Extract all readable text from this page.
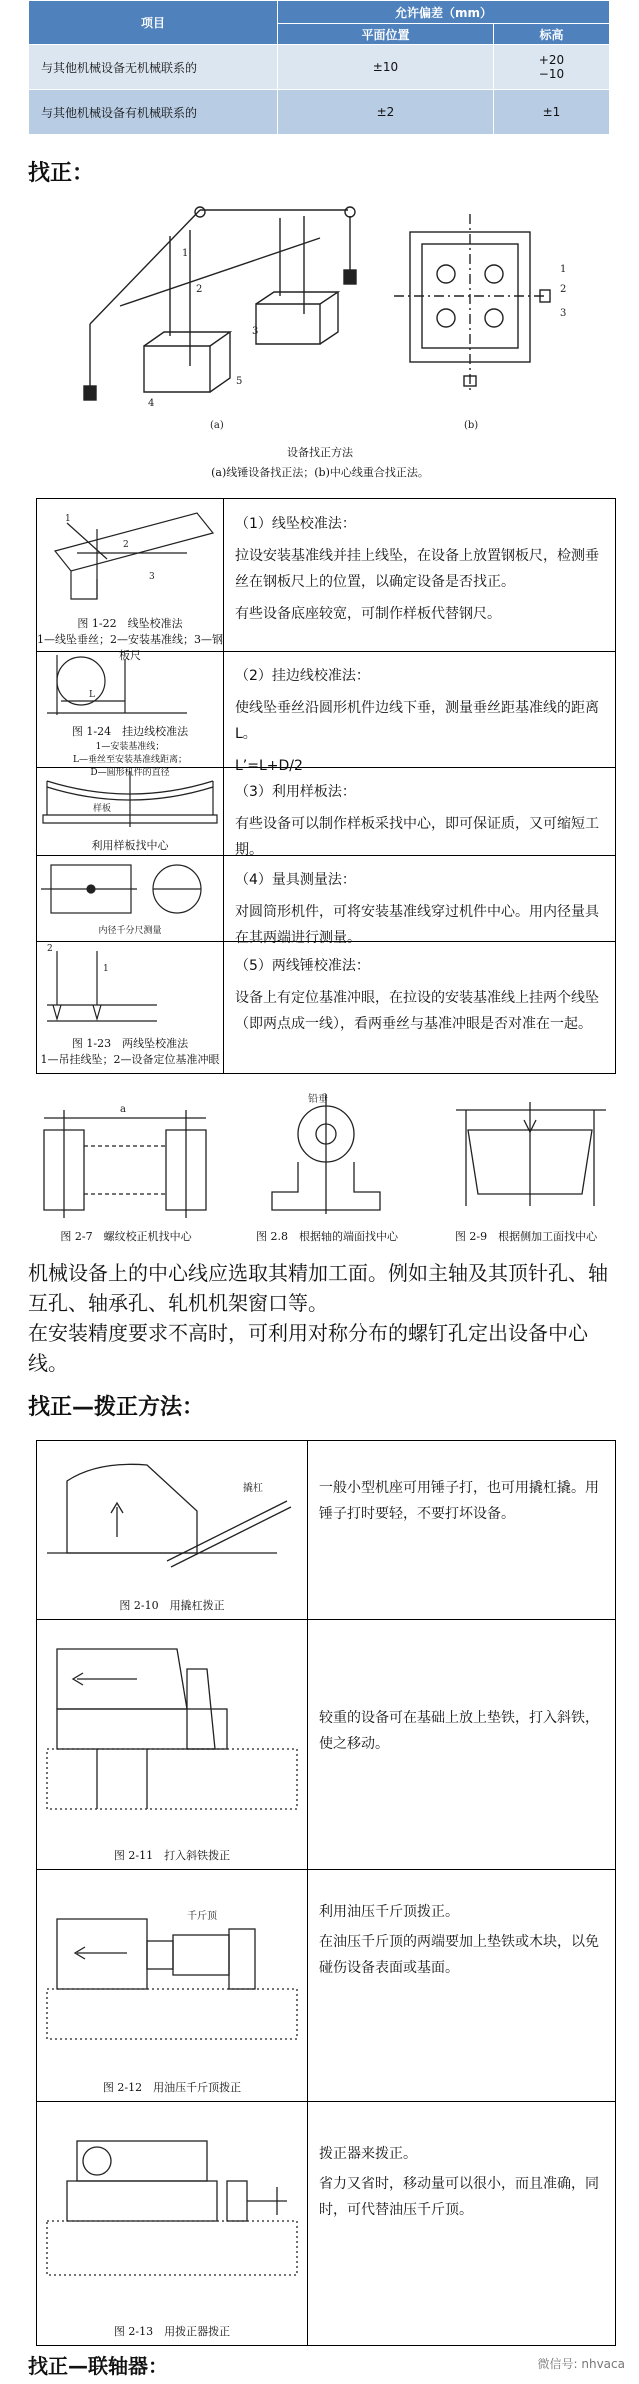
项目	允许偏差（mm）	
	平面位置	标高
与其他机械设备无机械联系的	±10	+20
−10

与其他机械设备有机械联系的	±2	±1
找正：
1
2
3
4
5
1
2
3
(a)	(b)
设备找正方法
(a)线锤设备找正法；(b)中心线重合找正法。
1
2
3
图 1-22　线坠校准法
1—线坠垂丝；2—安装基准线；3—钢板尺

（1）线坠校准法：

拉设安装基准线并挂上线坠，在设备上放置钢板尺，检测垂丝在钢板尺上的位置，以确定设备是否找正。

有些设备底座较宽，可制作样板代替钢尺。

L
图 1-24　挂边线校准法
1—安装基准线；
L—垂丝至安装基准线距离；
D—圆形机件的直径

（2）挂边线校准法：

使线坠垂丝沿圆形机件边线下垂，测量垂丝距基准线的距离 L。

L’=L+D/2

样板
利用样板找中心

（3）利用样板法：

有些设备可以制作样板采找中心，即可保证质，又可缩短工期。

内径千分尺测量

（4）量具测量法：

对圆筒形机件，可将安装基准线穿过机件中心。用内径量具在其两端进行测量。

2
1
图 1-23　两线坠校准法
1—吊挂线坠；2—设备定位基准冲眼

（5）两线锤校准法：

设备上有定位基准冲眼，在拉设的安装基准线上挂两个线坠（即两点成一线），看两垂丝与基准冲眼是否对准在一起。

a
铅垂
图 2-7　螺纹校正机找中心	图 2.8　根据轴的端面找中心	图 2-9　根据侧加工面找中心

机械设备上的中心线应选取其精加工面。例如主轴及其顶针孔、轴互孔、轴承孔、轧机机架窗口等。

在安装精度要求不高时，可利用对称分布的螺钉孔定出设备中心线。

找正—拨正方法：
撬杠
图 2-10　用撬杠拨正

一般小型机座可用锤子打，也可用撬杠撬。用锤子打时要轻，不要打坏设备。

图 2-11　打入斜铁拨正

较重的设备可在基础上放上垫铁，打入斜铁，使之移动。

千斤顶
图 2-12　用油压千斤顶拨正

利用油压千斤顶拨正。

在油压千斤顶的两端要加上垫铁或木块，以免碰伤设备表面或基面。

图 2-13　用拨正器拨正

拨正器来拨正。

省力又省时，移动量可以很小，而且准确，同时，可代替油压千斤顶。

找正—联轴器：	微信号: nhvaca
